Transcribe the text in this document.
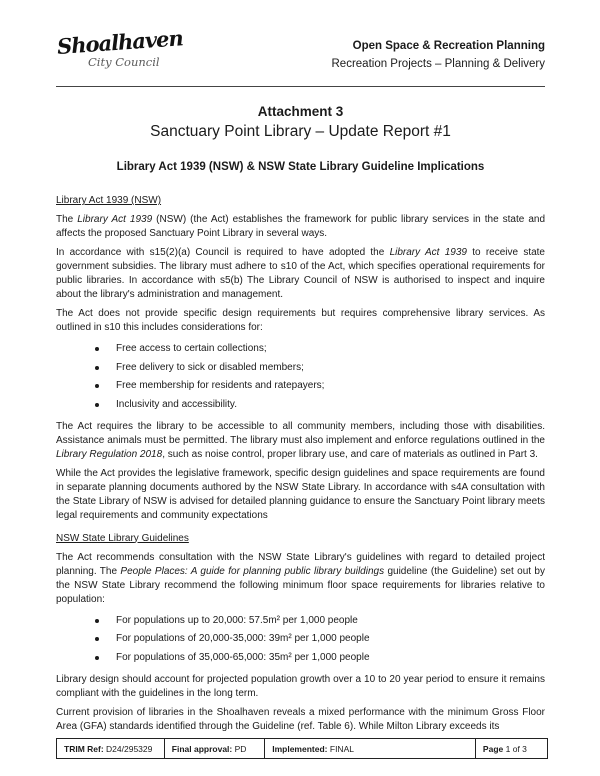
Shoalhaven
City Council
Open Space & Recreation Planning
Recreation Projects – Planning & Delivery
Attachment 3
Sanctuary Point Library – Update Report #1
Library Act 1939 (NSW) & NSW State Library Guideline Implications
Library Act 1939 (NSW)

The Library Act 1939 (NSW) (the Act) establishes the framework for public library services in the state and affects the proposed Sanctuary Point Library in several ways.

In accordance with s15(2)(a) Council is required to have adopted the Library Act 1939 to receive state government subsidies. The library must adhere to s10 of the Act, which specifies operational requirements for public libraries. In accordance with s5(b) The Library Council of NSW is authorised to inspect and inquire about the library's administration and management.

The Act does not provide specific design requirements but requires comprehensive library services. As outlined in s10 this includes considerations for:

Free access to certain collections;
Free delivery to sick or disabled members;
Free membership for residents and ratepayers;
Inclusivity and accessibility.

The Act requires the library to be accessible to all community members, including those with disabilities. Assistance animals must be permitted. The library must also implement and enforce regulations outlined in the Library Regulation 2018, such as noise control, proper library use, and care of materials as outlined in Part 3.

While the Act provides the legislative framework, specific design guidelines and space requirements are found in separate planning documents authored by the NSW State Library. In accordance with s4A consultation with the State Library of NSW is advised for detailed planning guidance to ensure the Sanctuary Point library meets legal requirements and community expectations

NSW State Library Guidelines

The Act recommends consultation with the NSW State Library's guidelines with regard to detailed project planning. The People Places: A guide for planning public library buildings guideline (the Guideline) set out by the NSW State Library recommend the following minimum floor space requirements for libraries relative to population:

For populations up to 20,000: 57.5m² per 1,000 people
For populations of 20,000-35,000: 39m² per 1,000 people
For populations of 35,000-65,000: 35m² per 1,000 people

Library design should account for projected population growth over a 10 to 20 year period to ensure it remains compliant with the guidelines in the long term.

Current provision of libraries in the Shoalhaven reveals a mixed performance with the minimum Gross Floor Area (GFA) standards identified through the Guideline (ref. Table 6). While Milton Library exceeds its

TRIM Ref: D24/295329	Final approval: PD	Implemented: FINAL	Page 1 of 3
